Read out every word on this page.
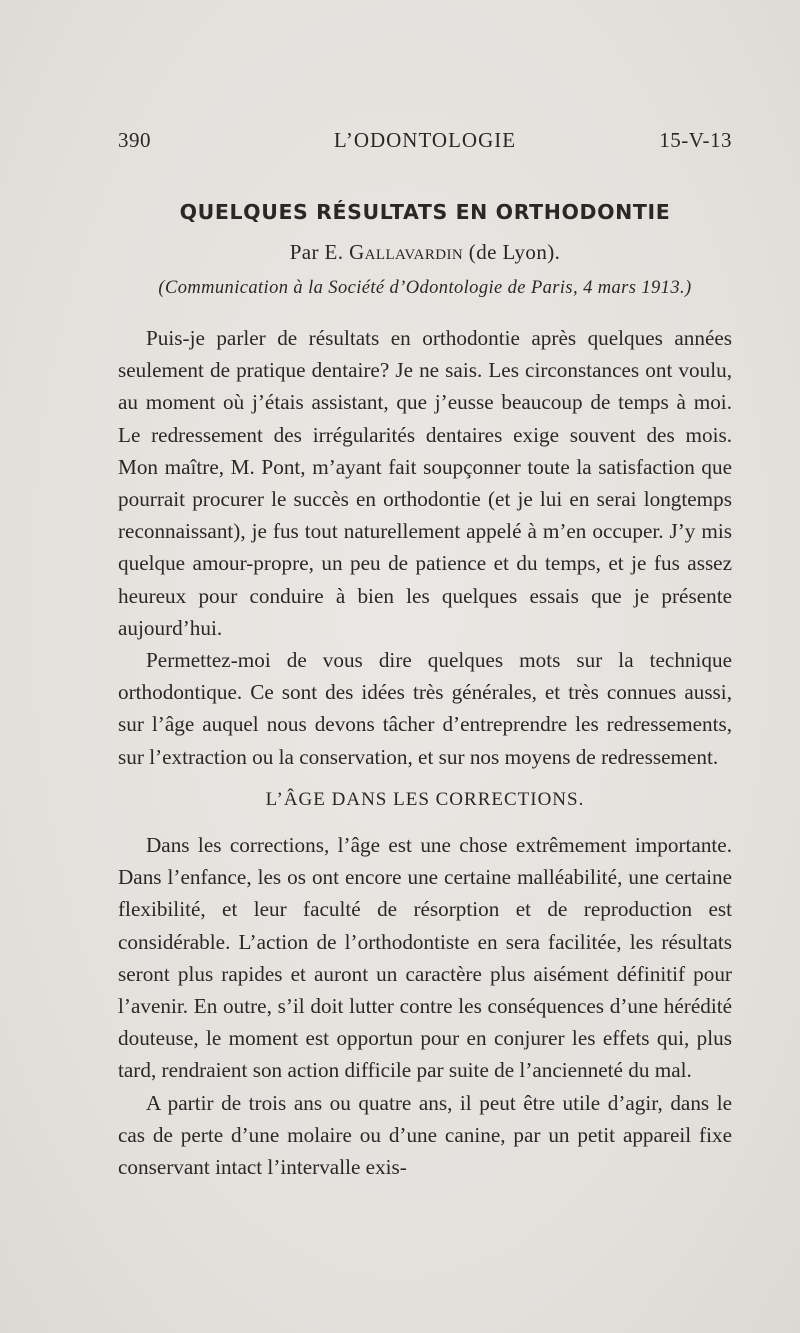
390	L’ODONTOLOGIE	15-V-13
QUELQUES RÉSULTATS EN ORTHODONTIE
Par E. Gallavardin (de Lyon).
(Communication à la Société d’Odontologie de Paris, 4 mars 1913.)

Puis-je parler de résultats en orthodontie après quelques années seulement de pratique dentaire? Je ne sais. Les circonstances ont voulu, au moment où j’étais assistant, que j’eusse beaucoup de temps à moi. Le redressement des irrégularités dentaires exige souvent des mois. Mon maître, M. Pont, m’ayant fait soupçonner toute la satisfaction que pourrait procurer le succès en orthodontie (et je lui en serai longtemps reconnaissant), je fus tout naturellement appelé à m’en occuper. J’y mis quelque amour-propre, un peu de patience et du temps, et je fus assez heureux pour conduire à bien les quelques essais que je présente aujourd’hui.

Permettez-moi de vous dire quelques mots sur la technique orthodontique. Ce sont des idées très générales, et très connues aussi, sur l’âge auquel nous devons tâcher d’entreprendre les redressements, sur l’extraction ou la conservation, et sur nos moyens de redressement.

L’ÂGE DANS LES CORRECTIONS.

Dans les corrections, l’âge est une chose extrêmement importante. Dans l’enfance, les os ont encore une certaine malléabilité, une certaine flexibilité, et leur faculté de résorption et de reproduction est considérable. L’action de l’orthodontiste en sera facilitée, les résultats seront plus rapides et auront un caractère plus aisément définitif pour l’avenir. En outre, s’il doit lutter contre les conséquences d’une hérédité douteuse, le moment est opportun pour en conjurer les effets qui, plus tard, rendraient son action difficile par suite de l’ancienneté du mal.

A partir de trois ans ou quatre ans, il peut être utile d’agir, dans le cas de perte d’une molaire ou d’une canine, par un petit appareil fixe conservant intact l’intervalle exis-
